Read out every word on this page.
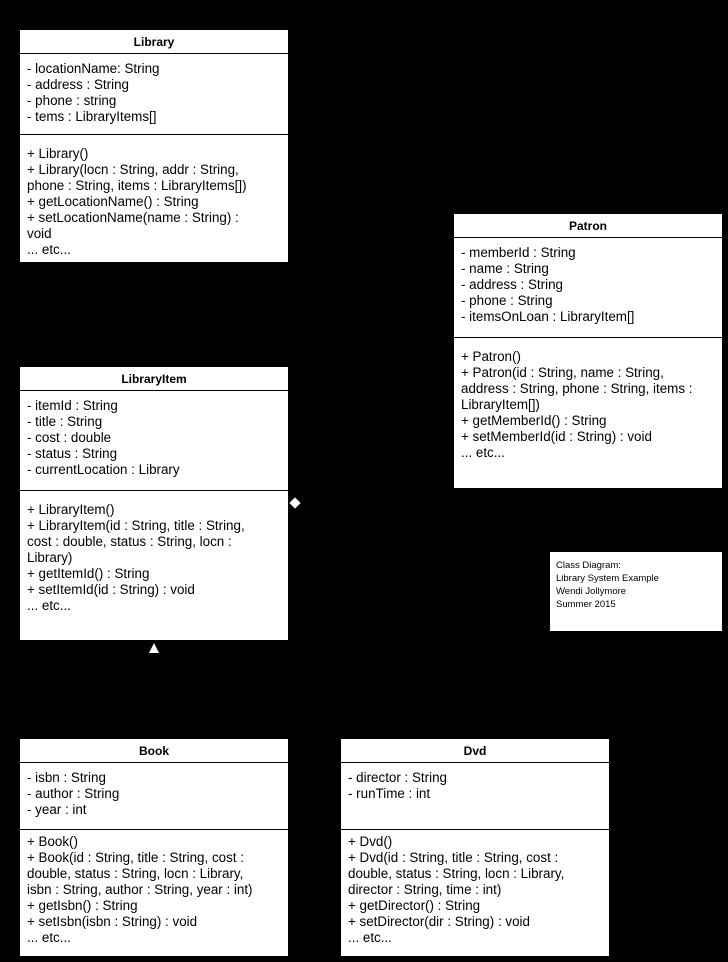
Library
- locationName: String
- address : String
- phone : string
- tems : LibraryItems[]
+ Library()
+ Library(locn : String, addr : String,
phone : String, items : LibraryItems[])
+ getLocationName() : String
+ setLocationName(name : String) :
void
... etc...
Patron
- memberId : String
- name : String
- address : String
- phone : String
- itemsOnLoan : LibraryItem[]
+ Patron()
+ Patron(id : String, name : String,
address : String, phone : String, items :
LibraryItem[])
+ getMemberId() : String
+ setMemberId(id : String) : void
... etc...
LibraryItem
- itemId : String
- title : String
- cost : double
- status : String
- currentLocation : Library
+ LibraryItem()
+ LibraryItem(id : String, title : String,
cost : double, status : String, locn :
Library)
+ getItemId() : String
+ setItemId(id : String) : void
... etc...
Book
- isbn : String
- author : String
- year : int
+ Book()
+ Book(id : String, title : String, cost :
double, status : String, locn : Library,
isbn : String, author : String, year : int)
+ getIsbn() : String
+ setIsbn(isbn : String) : void
... etc...
Dvd
- director : String
- runTime : int
+ Dvd()
+ Dvd(id : String, title : String, cost :
double, status : String, locn : Library,
director : String, time : int)
+ getDirector() : String
+ setDirector(dir : String) : void
... etc...
Class Diagram:
Library System Example
Wendi Jollymore
Summer 2015
